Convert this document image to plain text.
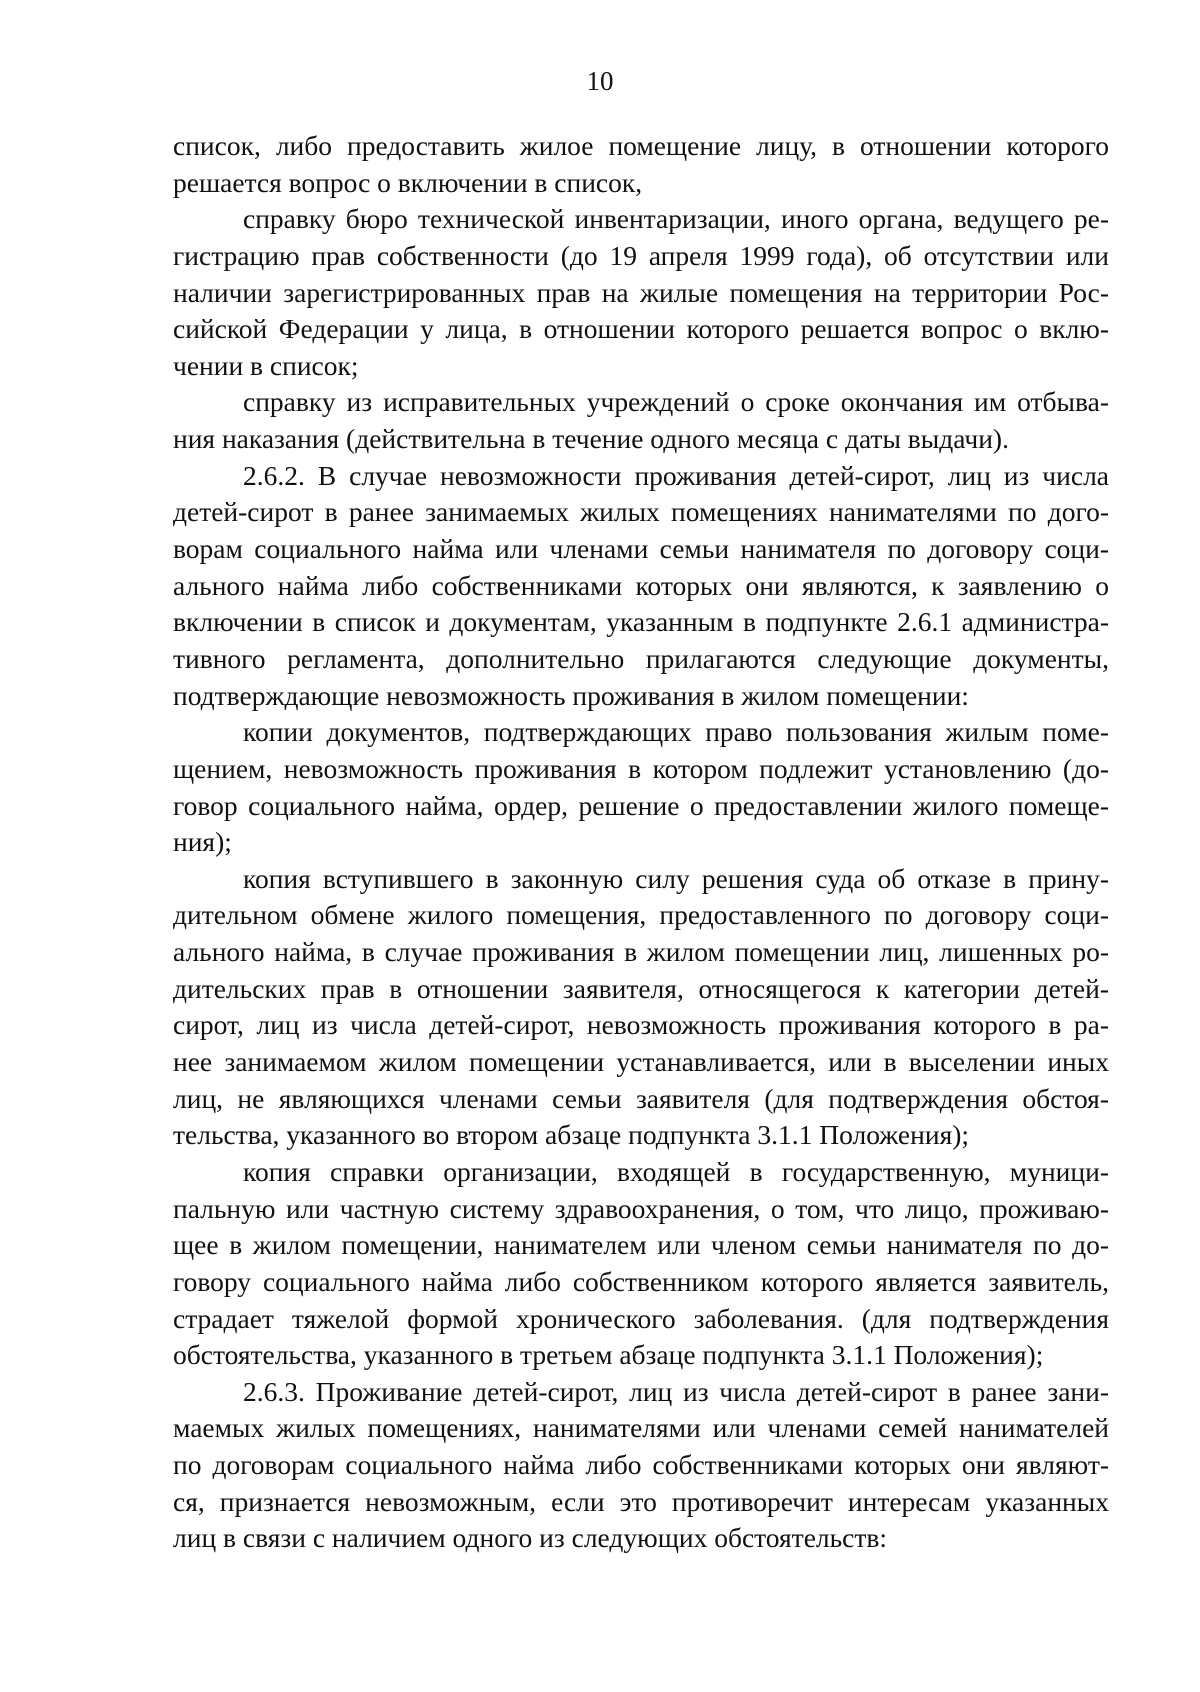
10
список, либо предоставить жилое помещение лицу, в отношении которого
решается вопрос о включении в список,
справку бюро технической инвентаризации, иного органа, ведущего ре-
гистрацию прав собственности (до 19 апреля 1999 года), об отсутствии или
наличии зарегистрированных прав на жилые помещения на территории Рос-
сийской Федерации у лица, в отношении которого решается вопрос о вклю-
чении в список;
справку из исправительных учреждений о сроке окончания им отбыва-
ния наказания (действительна в течение одного месяца с даты выдачи).
2.6.2. В случае невозможности проживания детей-сирот, лиц из числа
детей-сирот в ранее занимаемых жилых помещениях нанимателями по дого-
ворам социального найма или членами семьи нанимателя по договору соци-
ального найма либо собственниками которых они являются, к заявлению о
включении в список и документам, указанным в подпункте 2.6.1 администра-
тивного регламента, дополнительно прилагаются следующие документы,
подтверждающие невозможность проживания в жилом помещении:
копии документов, подтверждающих право пользования жилым поме-
щением, невозможность проживания в котором подлежит установлению (до-
говор социального найма, ордер, решение о предоставлении жилого помеще-
ния);
копия вступившего в законную силу решения суда об отказе в прину-
дительном обмене жилого помещения, предоставленного по договору соци-
ального найма, в случае проживания в жилом помещении лиц, лишенных ро-
дительских прав в отношении заявителя, относящегося к категории детей-
сирот, лиц из числа детей-сирот, невозможность проживания которого в ра-
нее занимаемом жилом помещении устанавливается, или в выселении иных
лиц, не являющихся членами семьи заявителя (для подтверждения обстоя-
тельства, указанного во втором абзаце подпункта 3.1.1 Положения);
копия справки организации, входящей в государственную, муници-
пальную или частную систему здравоохранения, о том, что лицо, проживаю-
щее в жилом помещении, нанимателем или членом семьи нанимателя по до-
говору социального найма либо собственником которого является заявитель,
страдает тяжелой формой хронического заболевания. (для подтверждения
обстоятельства, указанного в третьем абзаце подпункта 3.1.1 Положения);
2.6.3. Проживание детей-сирот, лиц из числа детей-сирот в ранее зани-
маемых жилых помещениях, нанимателями или членами семей нанимателей
по договорам социального найма либо собственниками которых они являют-
ся, признается невозможным, если это противоречит интересам указанных
лиц в связи с наличием одного из следующих обстоятельств:
